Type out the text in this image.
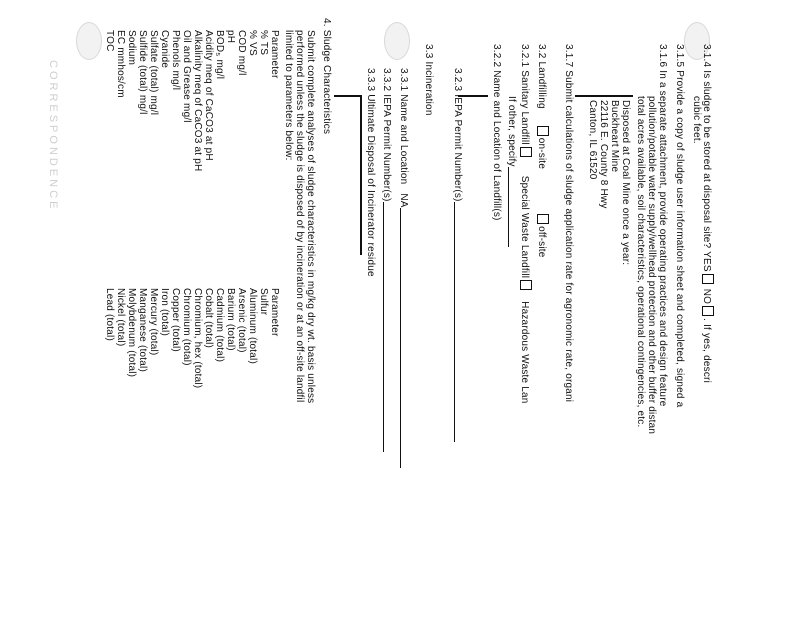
3.1.4 Is sludge to be stored at disposal site? YES NO. If yes, descri
cubic feet.
3.1.5 Provide a copy of sludge user information sheet and completed, signed a
3.1.6 In a separate attachment, provide operating practices and design feature
pollution/potable water supply/wellhead protection and other buffer distan
total acres available, soil characteristics, operational contingencies, etc.
Disposed at Coal Mine once a year:
Buckheart Mine
22116 E. County 8 Hwy
Canton, IL 61520
3.1.7 Submit calculations of sludge application rate for agronomic rate, organi
3.2 Landfilling on-site off-site
3.2.1 Sanitary Landfill Special Waste Landfill Hazardous Waste Lan
If other, specify
3.2.2 Name and Location of Landfill(s)
3.2.3 IEPA Permit Number(s)
3.3 Incineration
3.3.1 Name and Location NA
3.3.2 IEPA Permit Number(s)
3.3.3 Ultimate Disposal of Incinerator residue
4. Sludge Characteristics
Submit complete analyses of sludge characteristics in mg/kg dry wt. basis unless
performed unless the sludge is disposed of by incineration or at an off-site landfil
limited to parameters below:
Parameter
% TS
% VS
COD mg/l
pH
BOD₅ mg/l
Acidity meq of CaCO3 at pH
Alkalinity meq of CaCO3 at pH
Oil and Grease mg/l
Phenols mg/l
Cyanide
Sulfate (total) mg/l
Sulfide (total) mg/l
Sodium
EC mmhos/cm
TOC
Parameter
Sulfur
Aluminum (total)
Arsenic (total)
Barium (total)
Cadmium (total)
Cobalt (total)
Chromium, hex (total)
Chromium (total)
Copper (total)
Iron (total)
Mercury (total)
Manganese (total)
Molybdenum (total)
Nickel (total)
Lead (total)
CORRESPONDENCE
